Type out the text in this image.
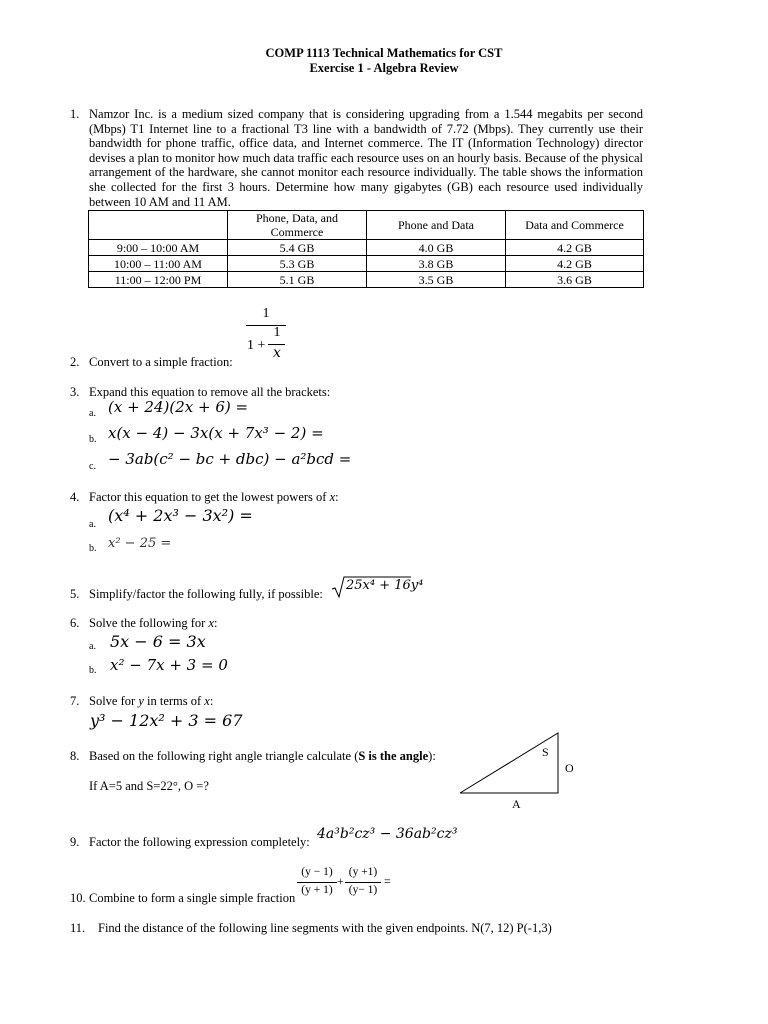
COMP 1113 Technical Mathematics for CST
Exercise 1 - Algebra Review
1. Namzor Inc. is a medium sized company that is considering upgrading from a 1.544 megabits per second (Mbps) T1 Internet line to a fractional T3 line with a bandwidth of 7.72 (Mbps). They currently use their bandwidth for phone traffic, office data, and Internet commerce. The IT (Information Technology) director devises a plan to monitor how much data traffic each resource uses on an hourly basis. Because of the physical arrangement of the hardware, she cannot monitor each resource individually. The table shows the information she collected for the first 3 hours. Determine how many gigabytes (GB) each resource used individually between 10 AM and 11 AM.
	Phone, Data, and Commerce	Phone and Data	Data and Commerce
9:00 – 10:00 AM	5.4 GB	4.0 GB	4.2 GB
10:00 – 11:00 AM	5.3 GB	3.8 GB	4.2 GB
11:00 – 12:00 PM	5.1 GB	3.5 GB	3.6 GB
1
1 +
1
x
2. Convert to a simple fraction:
3. Expand this equation to remove all the brackets:
a. (x + 24)(2x + 6) =
b. x(x − 4) − 3x(x + 7x³ − 2) =
c. − 3ab(c² − bc + dbc) − a²bcd =
4. Factor this equation to get the lowest powers of x:
a. (x⁴ + 2x³ − 3x²) =
b. x² − 25 =
5. Simplify/factor the following fully, if possible:
25x⁴ + 16y⁴
6. Solve the following for x:
a. 5x − 6 = 3x
b. x² − 7x + 3 = 0
7. Solve for y in terms of x:
y³ − 12x² + 3 = 67
8. Based on the following right angle triangle calculate (S is the angle):
If A=5 and S=22°, O =?
S
O
A
9. Factor the following expression completely: 4a³b²cz³ − 36ab²cz³
10. Combine to form a single simple fraction
(y − 1)
(y + 1)
+
(y +1)
(y− 1)
=
11. Find the distance of the following line segments with the given endpoints. N(7, 12) P(-1,3)
